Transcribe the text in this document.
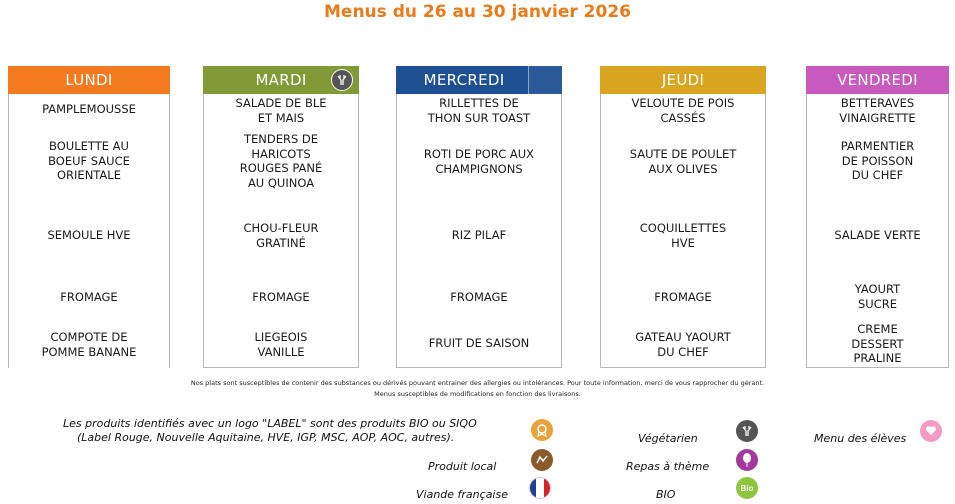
Menus du 26 au 30 janvier 2026
LUNDI
PAMPLEMOUSSE
BOULETTE AU
BOEUF SAUCE
ORIENTALE
SEMOULE HVE
FROMAGE
COMPOTE DE
POMME BANANE
MARDI
SALADE DE BLE
ET MAIS
TENDERS DE
HARICOTS
ROUGES PANÉ
AU QUINOA
CHOU-FLEUR
GRATINÉ
FROMAGE
LIEGEOIS
VANILLE
MERCREDI
RILLETTES DE
THON SUR TOAST
ROTI DE PORC AUX
CHAMPIGNONS
RIZ PILAF
FROMAGE
FRUIT DE SAISON
JEUDI
VELOUTE DE POIS
CASSÉS
SAUTE DE POULET
AUX OLIVES
COQUILLETTES
HVE
FROMAGE
GATEAU YAOURT
DU CHEF
VENDREDI
BETTERAVES
VINAIGRETTE
PARMENTIER
DE POISSON
DU CHEF
SALADE VERTE
YAOURT
SUCRE
CREME
DESSERT
PRALINE
Nos plats sont susceptibles de contenir des substances ou dérivés pouvant entrainer des allergies ou intolérances. Pour toute information, merci de vous rapprocher du gérant.
Menus susceptibles de modifications en fonction des livraisons.
Les produits identifiés avec un logo "LABEL" sont des produits BIO ou SIQO
(Label Rouge, Nouvelle Aquitaine, HVE, IGP, MSC, AOP, AOC, autres).
Produit local
Viande française
Végétarien
Repas à thème
BIO	Bio
Menu des élèves
